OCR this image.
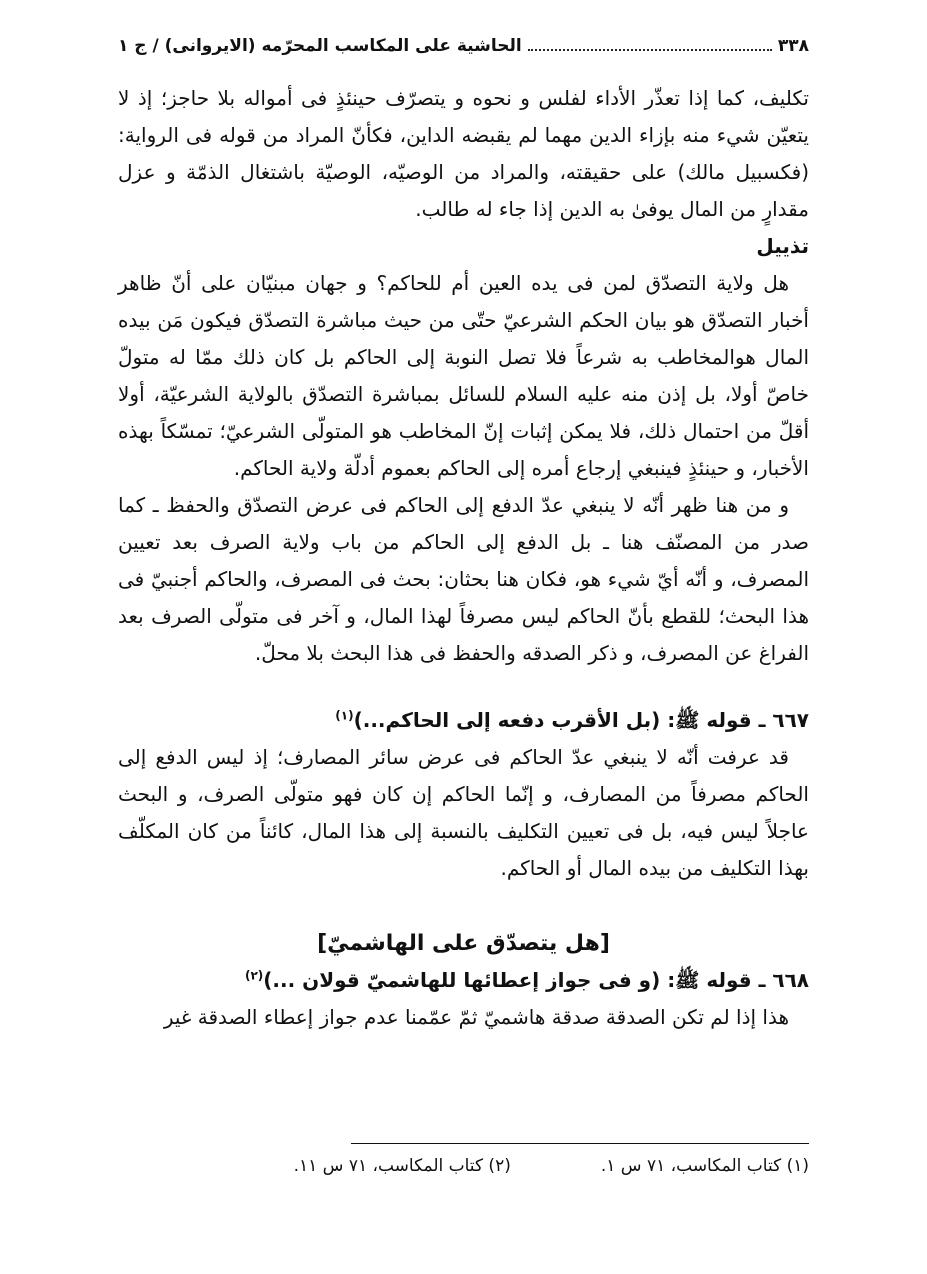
٣٣٨
الحاشية على المكاسب المحرّمه (الايروانى) / ج ١

تكليف، كما إذا تعذّر الأداء لفلس و نحوه و يتصرّف حينئذٍ فى أمواله بلا حاجز؛ إذ لا يتعيّن شيء منه بإزاء الدين مهما لم يقبضه الداين، فكأنّ المراد من قوله فى الرواية: (فكسبيل مالك) على حقيقته، والمراد من الوصيّه، الوصيّة باشتغال الذمّة و عزل مقدارٍ من المال يوفىٰ به الدين إذا جاء له طالب.

تذييل

هل ولاية التصدّق لمن فى يده العين أم للحاكم؟ و جهان مبنيّان على أنّ ظاهر أخبار التصدّق هو بيان الحكم الشرعيّ حتّى من حيث مباشرة التصدّق فيكون مَن بيده المال هوالمخاطب به شرعاً فلا تصل النوبة إلى الحاكم بل كان ذلك ممّا له متولّ خاصّ أولا، بل إذن منه عليه السلام للسائل بمباشرة التصدّق بالولاية الشرعيّة، أولا أقلّ من احتمال ذلك، فلا يمكن إثبات إنّ المخاطب هو المتولّى الشرعيّ؛ تمسّكاً بهذه الأخبار، و حينئذٍ فينبغي إرجاع أمره إلى الحاكم بعموم أدلّة ولاية الحاكم.

و من هنا ظهر أنّه لا ينبغي عدّ الدفع إلى الحاكم فى عرض التصدّق والحفظ ـ كما صدر من المصنّف هنا ـ بل الدفع إلى الحاكم من باب ولاية الصرف بعد تعيين المصرف، و أنّه أيّ شيء هو، فكان هنا بحثان: بحث فى المصرف، والحاكم أجنبيّ فى هذا البحث؛ للقطع بأنّ الحاكم ليس مصرفاً لهذا المال، و آخر فى متولّى الصرف بعد الفراغ عن المصرف، و ذكر الصدقه والحفظ فى هذا البحث بلا محلّ.

٦٦٧ ـ قوله ﷺ: (بل الأقرب دفعه إلى الحاكم...)$^{(١)}$

قد عرفت أنّه لا ينبغي عدّ الحاكم فى عرض سائر المصارف؛ إذ ليس الدفع إلى الحاكم مصرفاً من المصارف، و إنّما الحاكم إن كان فهو متولّى الصرف، و البحث عاجلاً ليس فيه، بل فى تعيين التكليف بالنسبة إلى هذا المال، كائناً من كان المكلّف بهذا التكليف من بيده المال أو الحاكم.

[هل يتصدّق على الهاشميّ]

٦٦٨ ـ قوله ﷺ: (و فى جواز إعطائها للهاشميّ قولان ...)$^{(٢)}$

هذا إذا لم تكن الصدقة صدقة هاشميّ ثمّ عمّمنا عدم جواز إعطاء الصدقة غير

(١) كتاب المكاسب، ٧١ س ١.
(٢) كتاب المكاسب، ٧١ س ١١.
